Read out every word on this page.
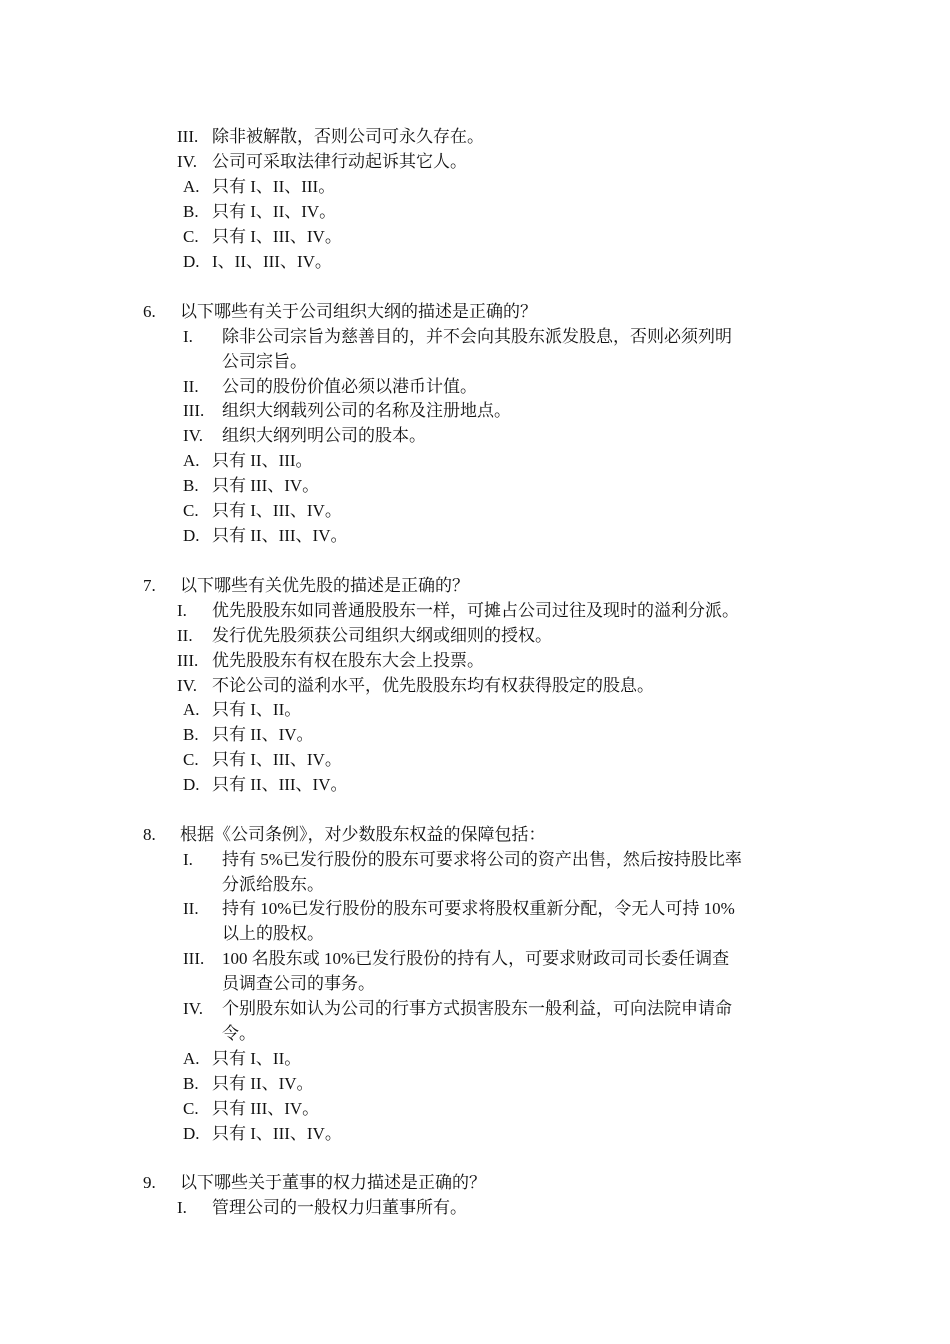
III. 除非被解散，否则公司可永久存在。
IV. 公司可采取法律行动起诉其它人。
A. 只有 I、II、III。
B. 只有 I、II、IV。
C. 只有 I、III、IV。
D. I、II、III、IV。
6. 以下哪些有关于公司组织大纲的描述是正确的？
I. 除非公司宗旨为慈善目的，并不会向其股东派发股息，否则必须列明
公司宗旨。
II. 公司的股份价值必须以港币计值。
III. 组织大纲载列公司的名称及注册地点。
IV. 组织大纲列明公司的股本。
A. 只有 II、III。
B. 只有 III、IV。
C. 只有 I、III、IV。
D. 只有 II、III、IV。
7. 以下哪些有关优先股的描述是正确的？
I. 优先股股东如同普通股股东一样，可摊占公司过往及现时的溢利分派。
II. 发行优先股须获公司组织大纲或细则的授权。
III. 优先股股东有权在股东大会上投票。
IV. 不论公司的溢利水平，优先股股东均有权获得股定的股息。
A. 只有 I、II。
B. 只有 II、IV。
C. 只有 I、III、IV。
D. 只有 II、III、IV。
8. 根据《公司条例》，对少数股东权益的保障包括：
I. 持有 5%已发行股份的股东可要求将公司的资产出售，然后按持股比率
分派给股东。
II. 持有 10%已发行股份的股东可要求将股权重新分配，令无人可持 10%
以上的股权。
III. 100 名股东或 10%已发行股份的持有人，可要求财政司司长委任调查
员调查公司的事务。
IV. 个别股东如认为公司的行事方式损害股东一般利益，可向法院申请命
令。
A. 只有 I、II。
B. 只有 II、IV。
C. 只有 III、IV。
D. 只有 I、III、IV。
9. 以下哪些关于董事的权力描述是正确的？
I. 管理公司的一般权力归董事所有。
